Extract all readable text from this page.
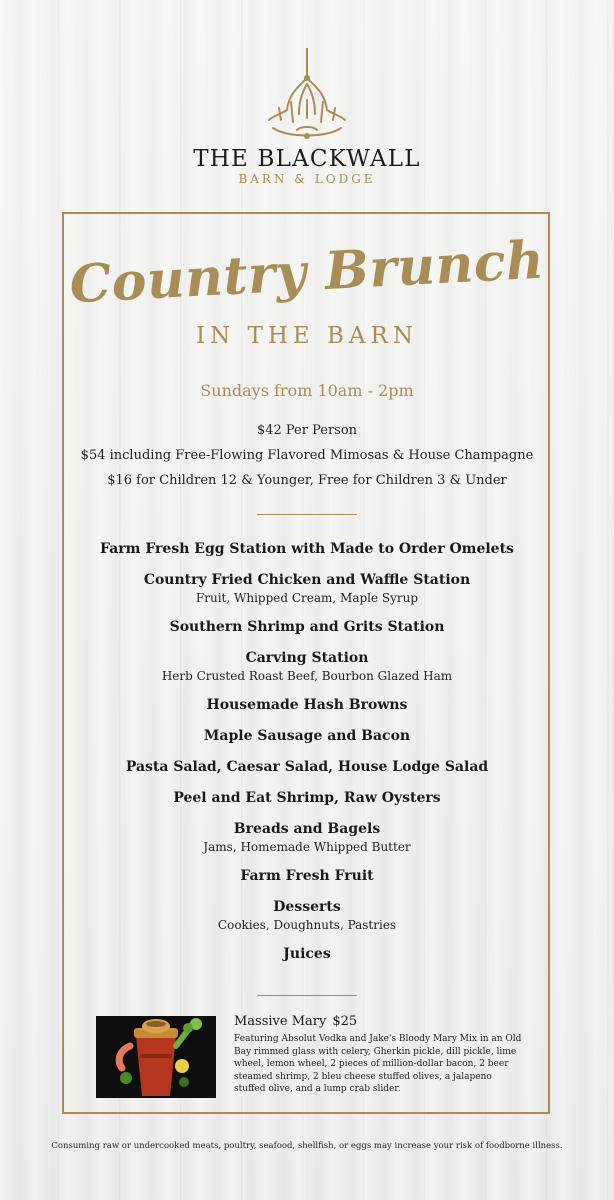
THE BLACKWALL
BARN & LODGE
Country Brunch
IN THE BARN
Sundays from 10am - 2pm
$42 Per Person
$54 including Free-Flowing Flavored Mimosas & House Champagne
$16 for Children 12 & Younger, Free for Children 3 & Under
Farm Fresh Egg Station with Made to Order Omelets
Country Fried Chicken and Waffle Station
Fruit, Whipped Cream, Maple Syrup
Southern Shrimp and Grits Station
Carving Station
Herb Crusted Roast Beef, Bourbon Glazed Ham
Housemade Hash Browns
Maple Sausage and Bacon
Pasta Salad, Caesar Salad, House Lodge Salad
Peel and Eat Shrimp, Raw Oysters
Breads and Bagels
Jams, Homemade Whipped Butter
Farm Fresh Fruit
Desserts
Cookies, Doughnuts, Pastries
Juices
Massive Mary $25
Featuring Absolut Vodka and Jake's Bloody Mary Mix in an Old Bay rimmed glass with celery, Gherkin pickle, dill pickle, lime wheel, lemon wheel, 2 pieces of million-dollar bacon, 2 beer steamed shrimp, 2 bleu cheese stuffed olives, a jalapeno stuffed olive, and a lump crab slider.
Consuming raw or undercooked meats, poultry, seafood, shellfish, or eggs may increase your risk of foodborne illness.
